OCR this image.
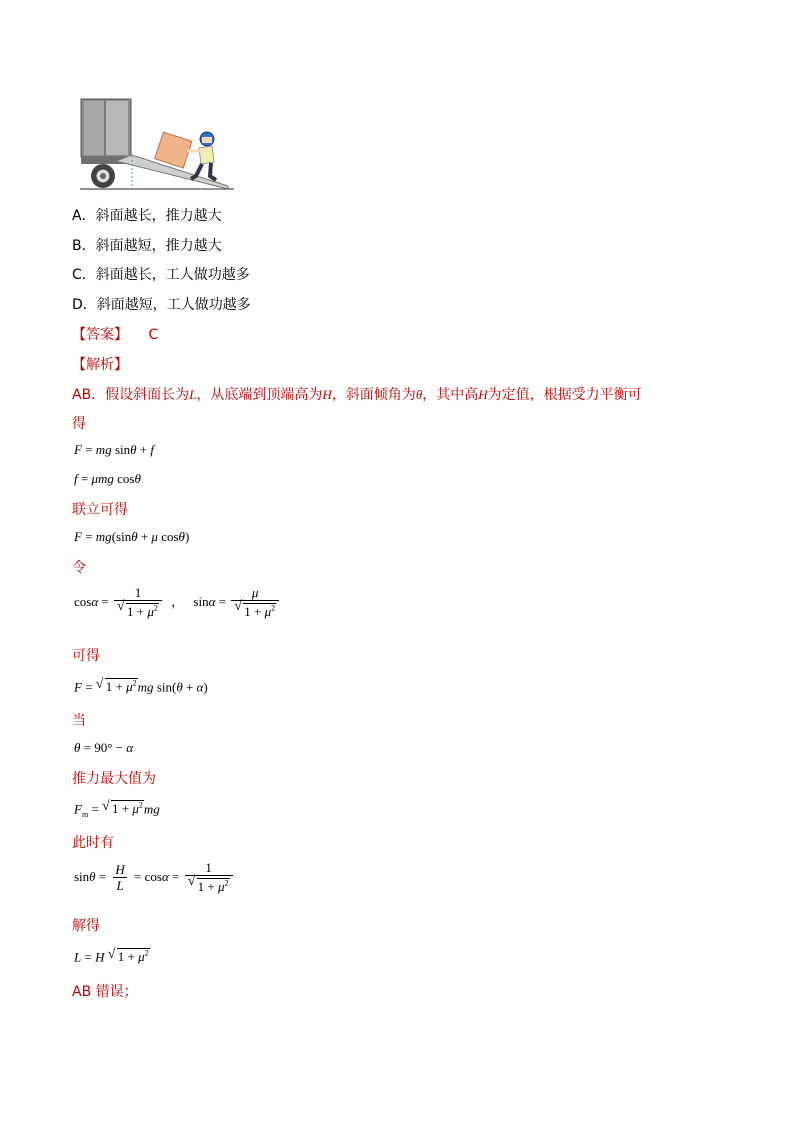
A．斜面越长，推力越大
B．斜面越短，推力越大
C．斜面越长，工人做功越多
D．斜面越短，工人做功越多
【答案】 C
【解析】
AB．假设斜面长为L，从底端到顶端高为H，斜面倾角为θ，其中高H为定值，根据受力平衡可
得
F = mg sinθ + f
f = μmg cosθ
联立可得
F = mg(sinθ + μ cosθ)
令
cosα = 1
√ $1 + \mu^2$ ， sinα = μ
√ $1 + \mu^2$
可得
F = √ $1 + \mu^2mg$ sin(θ + α)
当
θ = 90° − α
推力最大值为
$F_m$ = √ $1 + \mu^2mg$
此时有
$\sin\theta = \frac{H}{L} = \cos\alpha = 1$
√ $1 + \mu^2$
解得
L = H √ $1 + \mu^2$
AB 错误；
